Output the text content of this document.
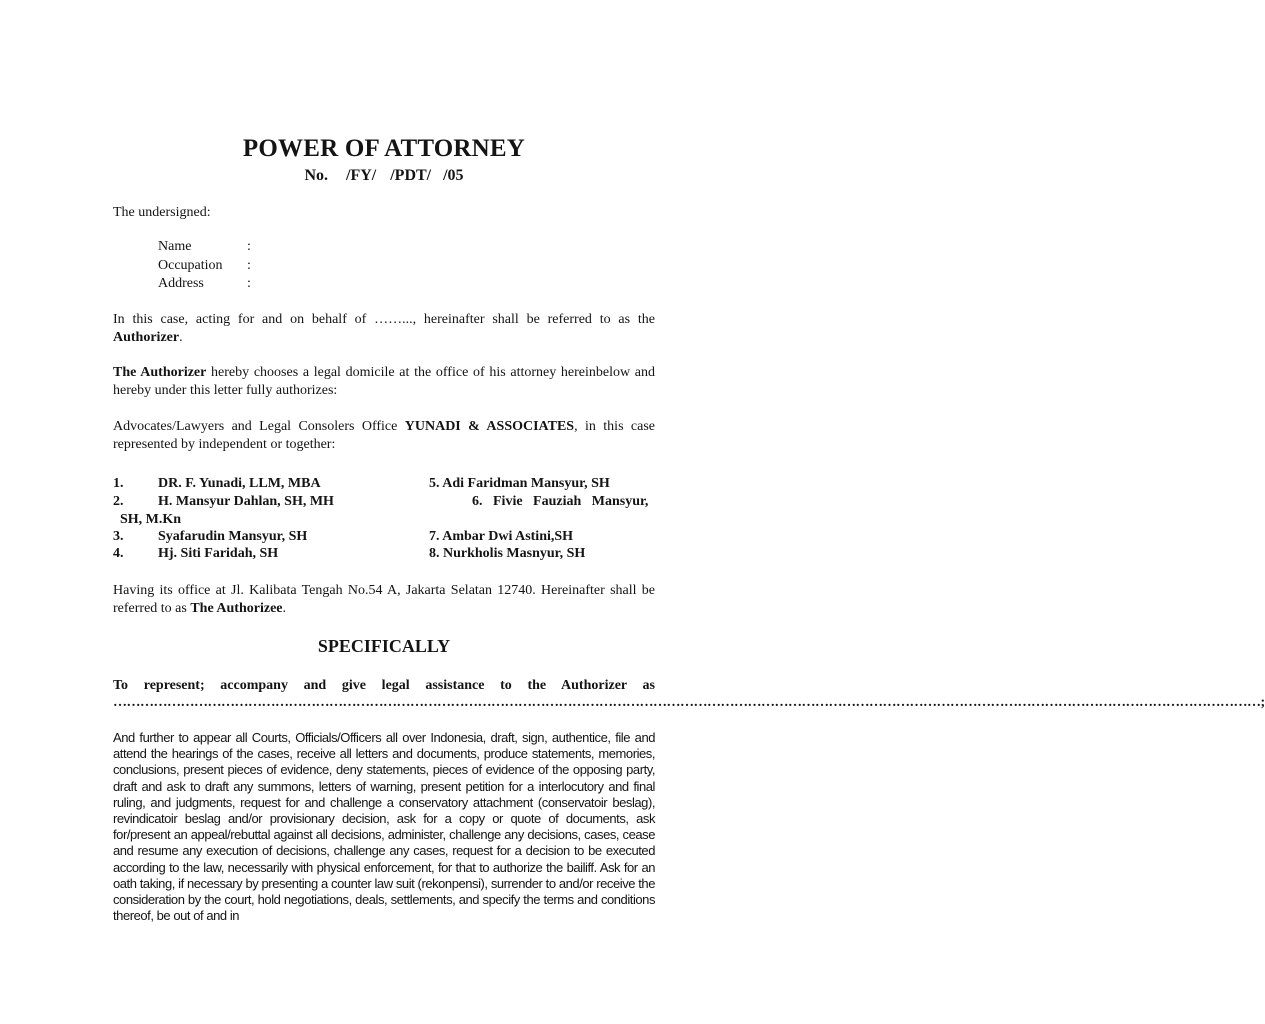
POWER OF ATTORNEY
No. /FY/ /PDT/ /05
The undersigned:
Name	:
Occupation :
Address	:
In this case, acting for and on behalf of ……..., hereinafter shall be referred to as the
Authorizer.
The Authorizer hereby chooses a legal domicile at the office of his attorney hereinbelow and hereby under this letter fully authorizes:
Advocates/Lawyers and Legal Consolers Office YUNADI & ASSOCIATES, in this case represented by independent or together:
1. DR. F. Yunadi, LLM, MBA	5. Adi Faridman Mansyur, SH
2. H. Mansyur Dahlan, SH, MH	6.   Fivie   Fauziah   Mansyur,
SH, M.Kn
3. Syafarudin Mansyur, SH	7. Ambar Dwi Astini,SH
4. Hj. Siti Faridah, SH	8. Nurkholis Masnyur, SH
Having its office at Jl. Kalibata Tengah No.54 A, Jakarta Selatan 12740. Hereinafter shall be referred to as The Authorizee.
SPECIFICALLY
To represent; accompany and give legal assistance to the Authorizer as
…………………………………………………………………………………………………………………………………………………………………………………………………………………………………;
And further to appear all Courts, Officials/Officers all over Indonesia, draft, sign, authentice, file and attend the hearings of the cases, receive all letters and documents, produce statements, memories, conclusions, present pieces of evidence, deny statements, pieces of evidence of the opposing party, draft and ask to draft any summons, letters of warning, present petition for a interlocutory and final ruling, and judgments, request for and challenge a conservatory attachment (conservatoir beslag), revindicatoir beslag and/or provisionary decision, ask for a copy or quote of documents, ask for/present an appeal/rebuttal against all decisions, administer, challenge any decisions, cases, cease and resume any execution of decisions, challenge any cases, request for a decision to be executed according to the law, necessarily with physical enforcement, for that to authorize the bailiff. Ask for an oath taking, if necessary by presenting a counter law suit (rekonpensi), surrender to and/or receive the consideration by the court, hold negotiations, deals, settlements, and specify the terms and conditions thereof, be out of and in
